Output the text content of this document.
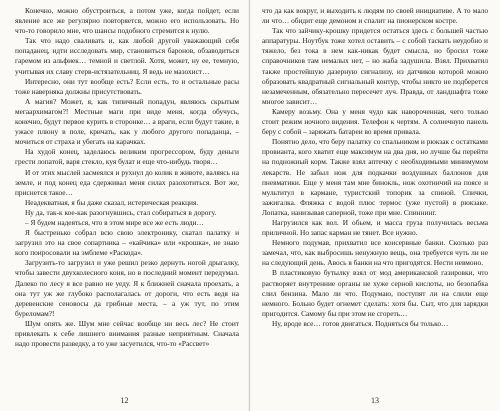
Конечно, можно обустроиться, а потом уже, когда пойдет, если явление все же регулярно повторяется, можно его использовать. Но что-то говорило мне, что шансы подобного стремится к нулю.

Так что надо сваливать и, как любой другой уважающий себя попаданец, идти исследовать мир, становиться баронов, обзаводиться гаремом из альфиек… темной и светлой. Хотя, может, ну ее, темную, учитывая их славу стерв-истязательниц. Я ведь не мазохист…

Интересно, они тут вообще есть? Если есть, то и остальные расы тоже наверняка должны присутствовать.

А магия? Может, я, как типичный попадун, являюсь скрытым мегаархимагом?! Местные маги при виде меня, когда обучусь, конечно, будут первое курить в сторонке… а враги, если будут такие, в ужасе плюну в поле, кричать, как у любого другого попаданца, – мочиться от страха и убегать на карачках.

На худой конец, заделаюсь великим прогрессором, буду деньги грести лопатой, варя стекло, куя булат и еще что-нибудь творя…

И от этих мыслей засмеялся и рухнул до колик в животе, валяясь на земле, и под конец еда сдерживал меня силах разохотиться. Вот же, приснется такое…

Неадекватная, я бы даже сказал, истерическая реакция.

Ну да, так-к кое-как разогнувшись, стал собираться в дорогу.

– Я будем надеяться, что в этом мире все же есть люди…

Я быстренько собрал всю свою электронику, скатал палатку и загрузил это на свое сопартника – «кайчика» или «крошка», не знаю кого поиросовали на эмблеме «Раскода».

Загрузить-то загрузил и уже решил резко дернуть ногой дрыгалку, чтобы завести двухколесного коня, но в последний момент передумал. Далеко по лесу я все равно не уеду. Я к ближней сначала проехать, а она тут уж же глубоко располагалась от дороги, что есть ведя на деревенские сеновосы да грибные места, – а уж тут, по этим буреломам?!

Шум опять же. Шум мне сейчас вообще ни весь лес? Не стоит привлекать к себе лишнего внимания разные неприятным. Сначала надо провести разведку, а то уже засуетился, что-то «Рассвет»

12

что да как вокруг, и выходить к людям по своей инициативе. А то мало ли что… обидит еще демоном и спалит на пионерском костре.

Так что зайчику-крошку придется остаться здесь с большей частью аппаратуры. Ноутбук тоже хотел оставить – с собой таскать неудобно и тяжело, без тока в нем как-никак будет смысла, но бросил тоже справочников там немалых нет, – но жаба задушила. Взял. Прихватил также простейшую дазерную сигнализу, из датчиков которой можно образовать квадратный сигнальный контур, чтобы никто не подберется незамеченным, обязательно пересечет луч. Правда, от ландшафта тоже многое зависит…

Камеру возьму. Она у меня чудо как навороченная, чего только стоит режим ночного видения. Телефон к чертям. А солнечную панель беру с собой – заряжать батареи во время привала.

Понятно дело, что беру палатку со спальником и рюкзак с остатками провианта, кого хватит еще максимум на два дня, но лучше бы перейти на подножный корм. Также взял аптечку с необходимыми минимумом лекарств. Не забыл нож для подкачки воздушных баллонов для пневматики. Еще у меня там мне бинокль, нож охотничий на поясе и мультитул в кармане, туристский топорик за спиной. Спички, зажигалка. Фляжка с водой плюс термос (уже пустой) в рюкзаке. Лопатка, нанизывая саперной, тоже при мне. Спиннинг.

Нагрузился как вол. И обьем, и масса груза получилась весьма приличной. Но запас карман не тянет. Все нужно.

Немного подумав, прихватил все консервные банки. Сколько раз замечал, что, как выбросишь ненужную вещь, она требуется чуть ли не на следующий день. Авось в банки на что пригодятся. Нести невмоно.

В пластиковую бутылку взял от мод американской газировки, что растворяет внутренние органы не хуже серной кислоты, но безопабка слил бензина. Мало ли что. Подумаю, поступят ли на слили еще немного. Больно будет огнемет сделать: хотя бы. Сыт, что для зарядки пригодится. Самому бы при этом не сгореть…

Ну, вроде все… готов двигаться. Подняться бы только…

13
